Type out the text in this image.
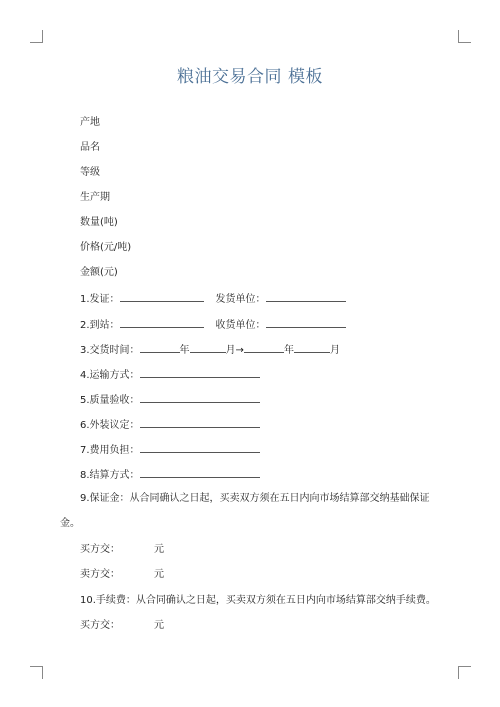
粮油交易合同 模板
产地
品名
等级
生产期
数量(吨)
价格(元/吨)
金额(元)
1.发证：	发货单位：
2.到站：	收货单位：
3.交货时间：	年	月→	年	月
4.运输方式：
5.质量验收：
6.外装议定：
7.费用负担：
8.结算方式：
9.保证金：从合同确认之日起，买卖双方须在五日内向市场结算部交纳基础保证
金。
买方交：	元
卖方交：	元
10.手续费：从合同确认之日起，买卖双方须在五日内向市场结算部交纳手续费。
买方交：	元
